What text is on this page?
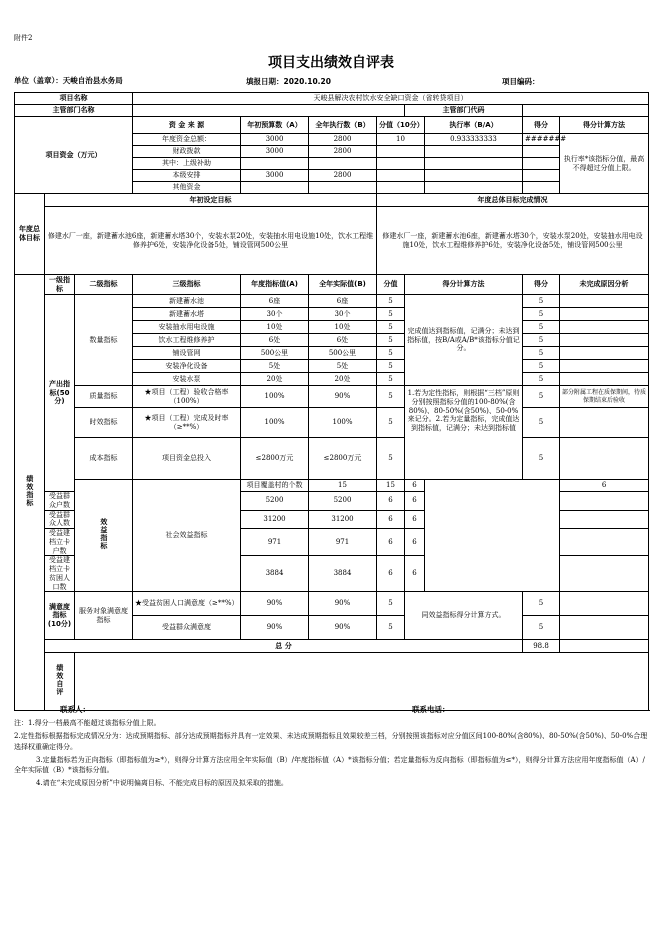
附件2
项目支出绩效自评表
单位（盖章）：天峻自治县水务局	填报日期：2020.10.20	项目编码：
项目名称			天峻县解决农村饮水安全缺口资金（省转贷项目）								
主管部门名称							主管部门代码				
项目资金（万元）			资 金 来 源	年初预算数（A）	全年执行数（B）	分值（10分）		执行率（B/A）	得分	得分计算方法	
			年度资金总额：	3000	2800	10		0.933333333	#######	执行率*该指标分值，最高不得超过分值上限。	
			财政拨款	3000	2800						
			其中：上级补助								
			本级安排	3000	2800						
			其他资金								
年度总体目标	年初设定目标					年度总体目标完成情况					
	修建水厂一座，新建蓄水池6座，新建蓄水塔30个，安装水泵20处，安装抽水用电设施10处，饮水工程维修养护6处，安装净化设备5处，铺设管网500公里					修建水厂一座，新建蓄水池6座，新建蓄水塔30个，安装水泵20处，安装抽水用电设施10处，饮水工程维修养护6处，安装净化设备5处，铺设管网500公里					
绩效指标	一级指标	二级指标	三级指标	年度指标值(A)	全年实际值(B)	分值	得分计算方法		得分	未完成原因分析	
	产出指标(50分)	数量指标	新建蓄水池	6座	6座	5	完成值达到指标值，记满分；未达到指标值，按B/A或A/B*该指标分值记分。		5		
			新建蓄水塔	30个	30个	5			5		
			安装抽水用电设施	10处	10处	5			5		
			饮水工程维修养护	6处	6处	5			5		
			铺设管网	500公里	500公里	5			5		
			安装净化设备	5处	5处	5			5		
			安装水泵	20处	20处	5			5		
		质量指标	★项目（工程）验收合格率（100%）	100%	90%	5	1.若为定性指标，则根据“三档”原则分别按照指标分值的100-80%(含80%)、80-50%(含50%)、50-0%来记分。2.若为定量指标，完成值达到指标值，记满分；未达到指标值		5	部分附属工程在质保期间，待质保期结束后验收	
		时效指标	★项目（工程）完成及时率（≥**%）	100%	100%	5			5		
		成本指标	项目资金总投入	≤2800万元	≤2800万元	5			5		
		效益指标	社会效益指标	项目覆盖村的个数	15	15	6			6	
	受益群众户数			5200	5200	6	6				
	受益群众人数			31200	31200	6	6				
	受益建档立卡户数			971	971	6	6				
	受益建档立卡贫困人口数			3884	3884	6	6				
	满意度指标(10分)	服务对象满意度指标	★受益贫困人口满意度（≥**%）	90%	90%	5	同效益指标得分计算方式。		5		
			受益群众满意度	90%	90%	5			5		
	总 分								98.8		
	绩效自评										
联系人：	联系电话：

注：1.得分一档最高不能超过该指标分值上限。

2.定性指标根据指标完成情况分为：达成预期指标、部分达成预期指标并具有一定效果、未达成预期指标且效果较差三档，分别按照该指标对应分值区间100-80%(含80%)、80-50%(含50%)、50-0%合理选择权重确定得分。

3.定量指标若为正向指标（即指标值为≥*），则得分计算方法应用全年实际值（B）/年度指标值（A）*该指标分值；若定量指标为反向指标（即指标值为≤*），则得分计算方法应用年度指标值（A）/全年实际值（B）*该指标分值。

4.请在“未完成原因分析”中说明偏离目标、不能完成目标的原因及拟采取的措施。
